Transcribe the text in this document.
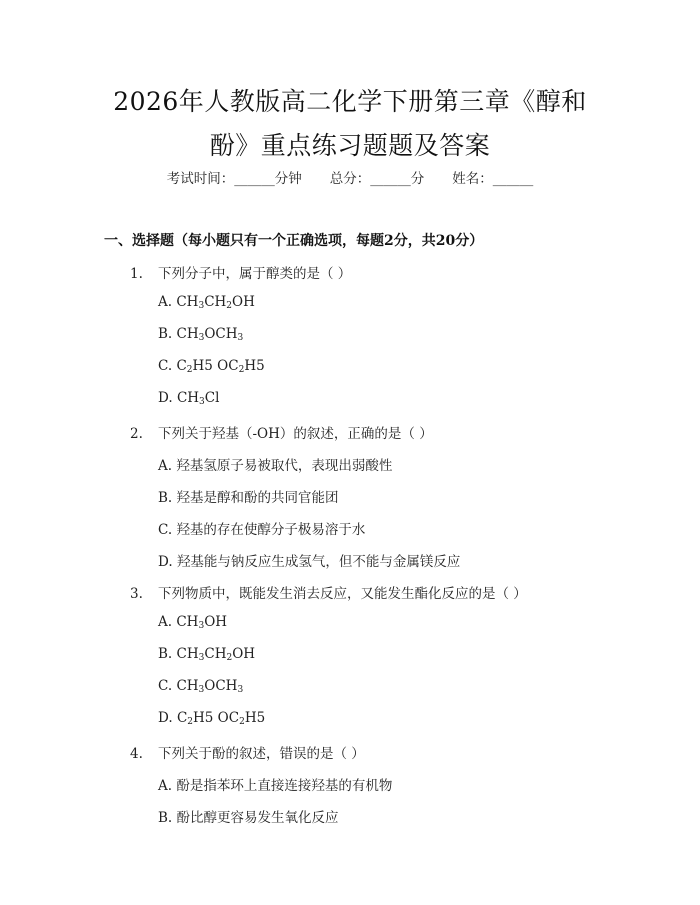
2026年人教版高二化学下册第三章《醇和
酚》重点练习题题及答案
考试时间：______分钟 总分：______分 姓名：______
一、选择题（每小题只有一个正确选项，每题2分，共20分）
1. 下列分子中，属于醇类的是（ ）
A. $CH_3CH_2OH$
B. $CH_3OCH_3$
C. $C_2H5$ $OC_2H5$
D. $CH_3Cl$
2. 下列关于羟基（-OH）的叙述，正确的是（ ）
A. 羟基氢原子易被取代，表现出弱酸性
B. 羟基是醇和酚的共同官能团
C. 羟基的存在使醇分子极易溶于水
D. 羟基能与钠反应生成氢气，但不能与金属镁反应
3. 下列物质中，既能发生消去反应，又能发生酯化反应的是（ ）
A. $CH_3OH$
B. $CH_3CH_2OH$
C. $CH_3OCH_3$
D. $C_2H5$ $OC_2H5$
4. 下列关于酚的叙述，错误的是（ ）
A. 酚是指苯环上直接连接羟基的有机物
B. 酚比醇更容易发生氧化反应
